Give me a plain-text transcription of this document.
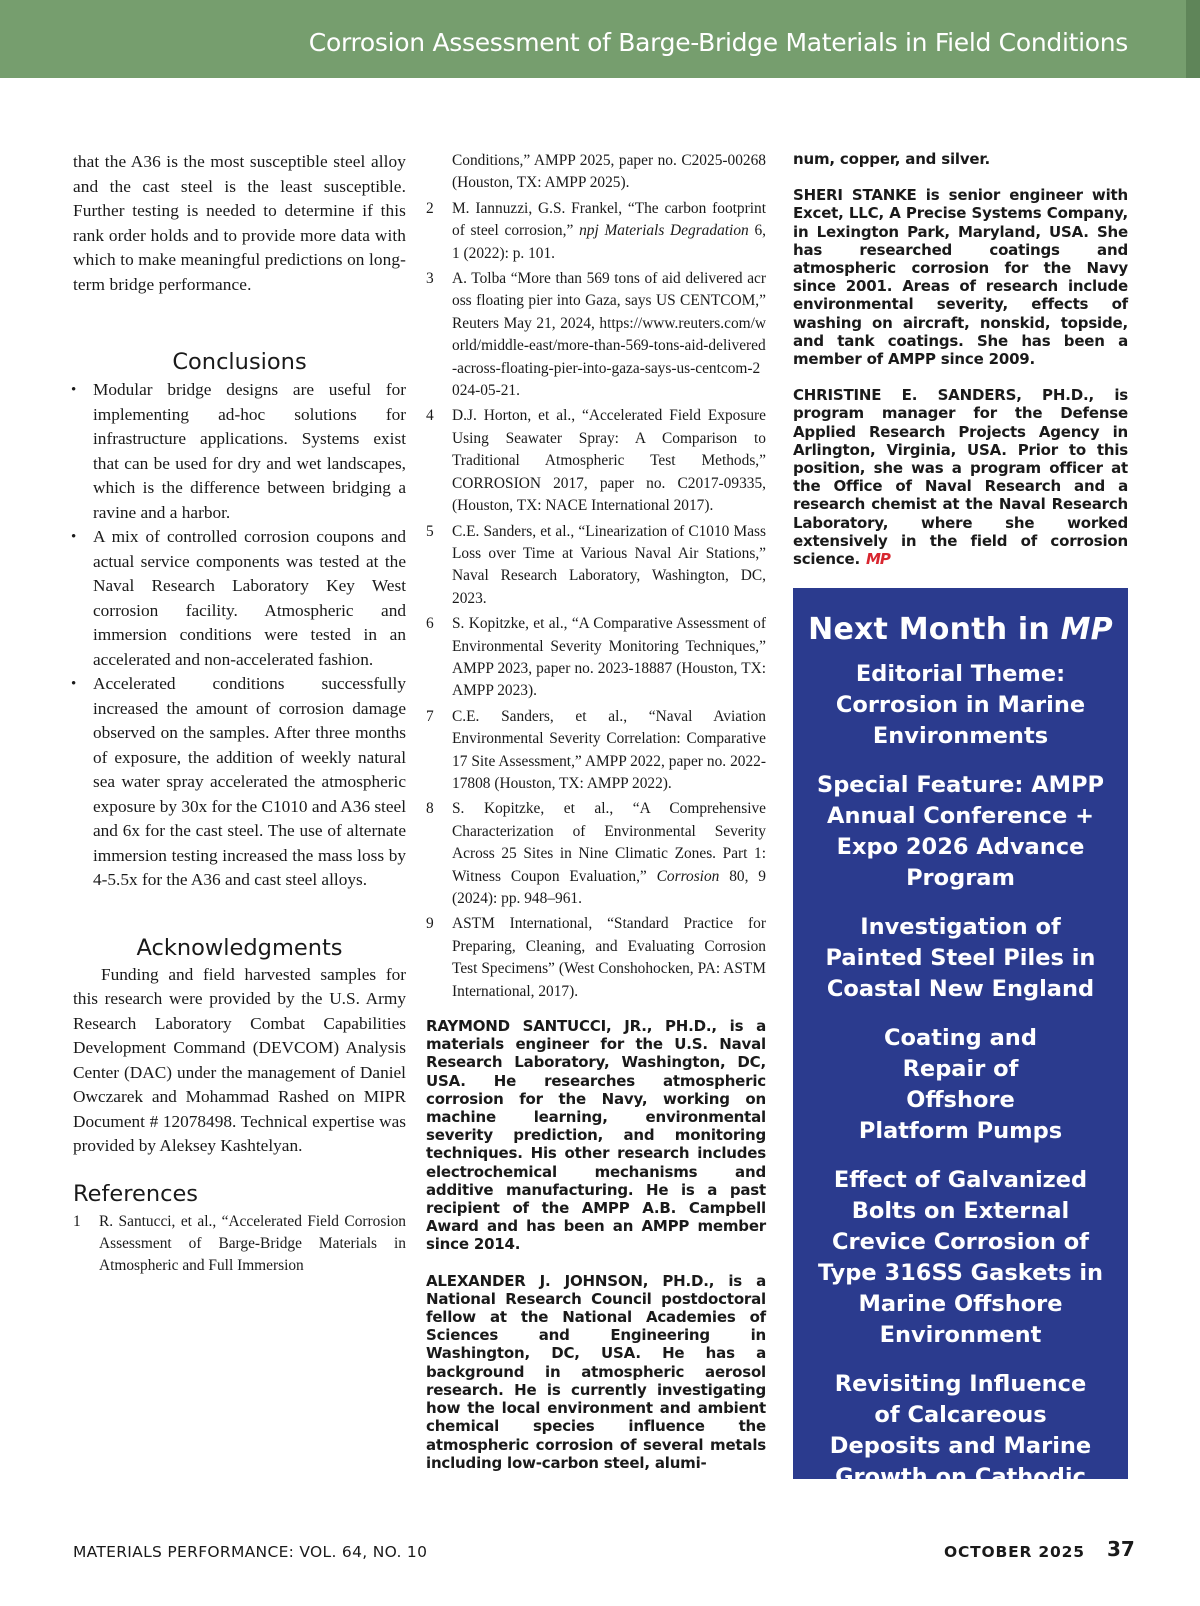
Corrosion Assessment of Barge-Bridge Materials in Field Conditions

that the A36 is the most susceptible steel alloy and the cast steel is the least susceptible. Further testing is needed to determine if this rank order holds and to provide more data with which to make meaningful predictions on long-term bridge performance.

Conclusions
• Modular bridge designs are useful for implementing ad-hoc solutions for infrastructure applications. Systems exist that can be used for dry and wet landscapes, which is the difference between bridging a ravine and a harbor.
• A mix of controlled corrosion coupons and actual service components was tested at the Naval Research Laboratory Key West corrosion facility. Atmospheric and immersion conditions were tested in an accelerated and non-accelerated fashion.
• Accelerated conditions successfully increased the amount of corrosion damage observed on the samples. After three months of exposure, the addition of weekly natural sea water spray accelerated the atmospheric exposure by 30x for the C1010 and A36 steel and 6x for the cast steel. The use of alternate immersion testing increased the mass loss by 4-5.5x for the A36 and cast steel alloys.
Acknowledgments

Funding and field harvested samples for this research were provided by the U.S. Army Research Laboratory Combat Capabilities Development Command (DEVCOM) Analysis Center (DAC) under the management of Daniel Owczarek and Mohammad Rashed on MIPR Document # 12078498. Technical expertise was provided by Aleksey Kashtelyan.

References
1 R. Santucci, et al., “Accelerated Field Corrosion Assessment of Barge-Bridge Materials in Atmospheric and Full Immersion
Conditions,” AMPP 2025, paper no. C2025-00268 (Houston, TX: AMPP 2025).
2 M. Iannuzzi, G.S. Frankel, “The carbon footprint of steel corrosion,” npj Materials Degradation 6, 1 (2022): p. 101.
3 A. Tolba “More than 569 tons of aid delivered across floating pier into Gaza, says US CENTCOM,” Reuters May 21, 2024, https://www.reuters.com/world/middle-east/more-than-569-tons-aid-delivered-across-floating-pier-into-gaza-says-us-centcom-2024-05-21.
4 D.J. Horton, et al., “Accelerated Field Exposure Using Seawater Spray: A Comparison to Traditional Atmospheric Test Methods,” CORROSION 2017, paper no. C2017-09335, (Houston, TX: NACE International 2017).
5 C.E. Sanders, et al., “Linearization of C1010 Mass Loss over Time at Various Naval Air Stations,” Naval Research Laboratory, Washington, DC, 2023.
6 S. Kopitzke, et al., “A Comparative Assessment of Environmental Severity Monitoring Techniques,” AMPP 2023, paper no. 2023-18887 (Houston, TX: AMPP 2023).
7 C.E. Sanders, et al., “Naval Aviation Environmental Severity Correlation: Comparative 17 Site Assessment,” AMPP 2022, paper no. 2022-17808 (Houston, TX: AMPP 2022).
8 S. Kopitzke, et al., “A Comprehensive Characterization of Environmental Severity Across 25 Sites in Nine Climatic Zones. Part 1: Witness Coupon Evaluation,” Corrosion 80, 9 (2024): pp. 948–961.
9 ASTM International, “Standard Practice for Preparing, Cleaning, and Evaluating Corrosion Test Specimens” (West Conshohocken, PA: ASTM International, 2017).

RAYMOND SANTUCCI, JR., PH.D., is a materials engineer for the U.S. Naval Research Laboratory, Washington, DC, USA. He researches atmospheric corrosion for the Navy, working on machine learning, environmental severity prediction, and monitoring techniques. His other research includes electrochemical mechanisms and additive manufacturing. He is a past recipient of the AMPP A.B. Campbell Award and has been an AMPP member since 2014.

ALEXANDER J. JOHNSON, PH.D., is a National Research Council postdoctoral fellow at the National Academies of Sciences and Engineering in Washington, DC, USA. He has a background in atmospheric aerosol research. He is currently investigating how the local environment and ambient chemical species influence the atmospheric corrosion of several metals including low-carbon steel, alumi-

num, copper, and silver.

SHERI STANKE is senior engineer with Excet, LLC, A Precise Systems Company, in Lexington Park, Maryland, USA. She has researched coatings and atmospheric corrosion for the Navy since 2001. Areas of research include environmental severity, effects of washing on aircraft, nonskid, topside, and tank coatings. She has been a member of AMPP since 2009.

CHRISTINE E. SANDERS, PH.D., is program manager for the Defense Applied Research Projects Agency in Arlington, Virginia, USA. Prior to this position, she was a program officer at the Office of Naval Research and a research chemist at the Naval Research Laboratory, where she worked extensively in the field of corrosion science. MP

Next Month in MP
Editorial Theme: Corrosion in Marine Environments
Special Feature: AMPP Annual Conference + Expo 2026 Advance Program
Investigation of Painted Steel Piles in Coastal New England
Coating and Repair of Offshore Platform Pumps
Effect of Galvanized Bolts on External Crevice Corrosion of Type 316SS Gaskets in Marine Offshore Environment
Revisiting Influence of Calcareous Deposits and Marine Growth on Cathodic Protection of Steel in Seawater
MATERIALS PERFORMANCE: VOL. 64, NO. 10	OCTOBER 2025 37
